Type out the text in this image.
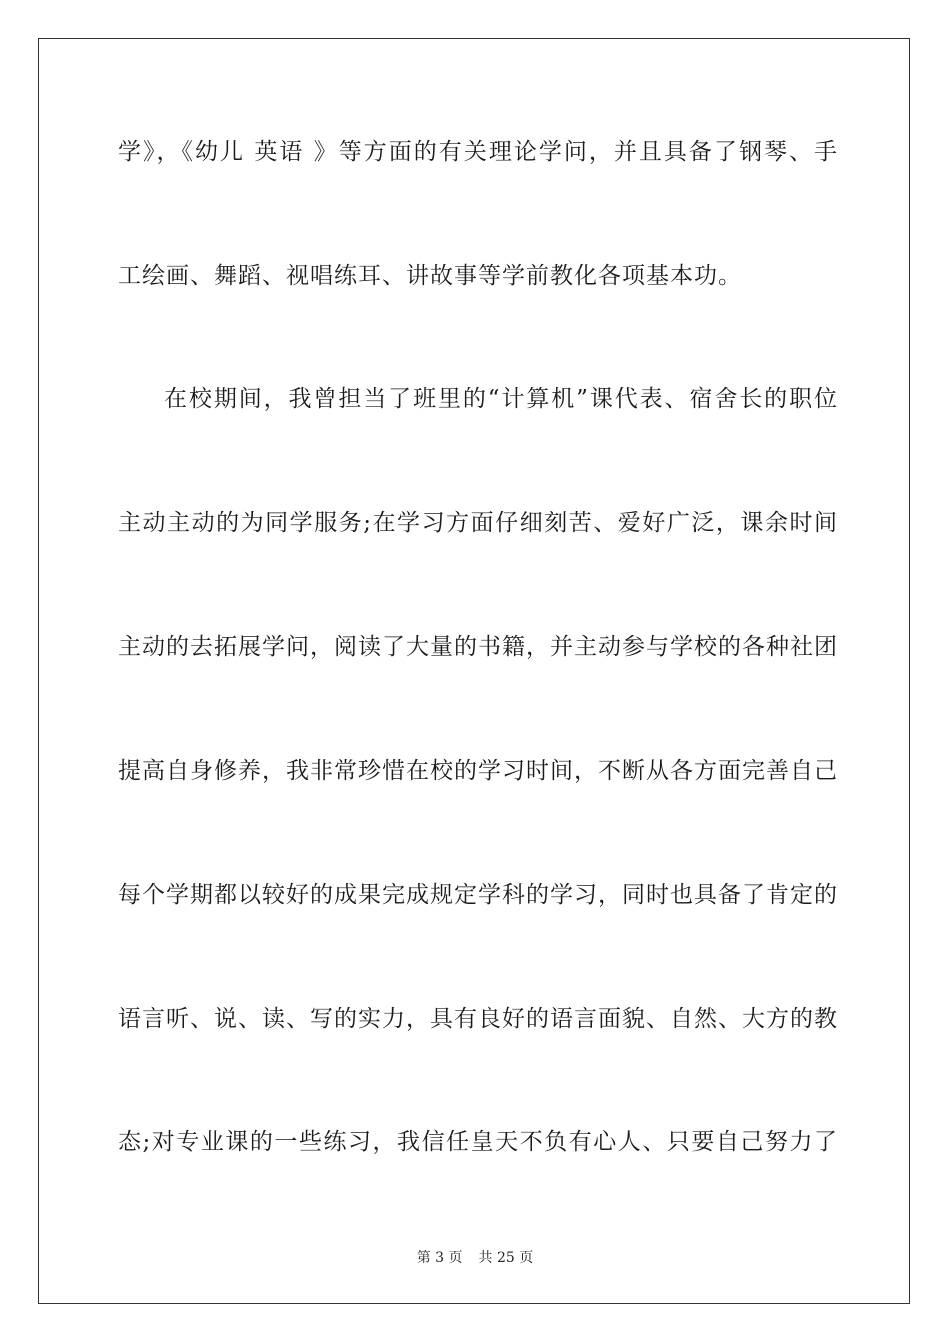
学》，《幼儿 英语 》等方面的有关理论学问，并且具备了钢琴、手
工绘画、舞蹈、视唱练耳、讲故事等学前教化各项基本功。
在校期间，我曾担当了班里的“计算机”课代表、宿舍长的职位
主动主动的为同学服务;在学习方面仔细刻苦、爱好广泛，课余时间
主动的去拓展学问，阅读了大量的书籍，并主动参与学校的各种社团
提高自身修养，我非常珍惜在校的学习时间，不断从各方面完善自己
每个学期都以较好的成果完成规定学科的学习，同时也具备了肯定的
语言听、说、读、写的实力，具有良好的语言面貌、自然、大方的教
态;对专业课的一些练习，我信任皇天不负有心人、只要自己努力了
第 3 页 共 25 页
